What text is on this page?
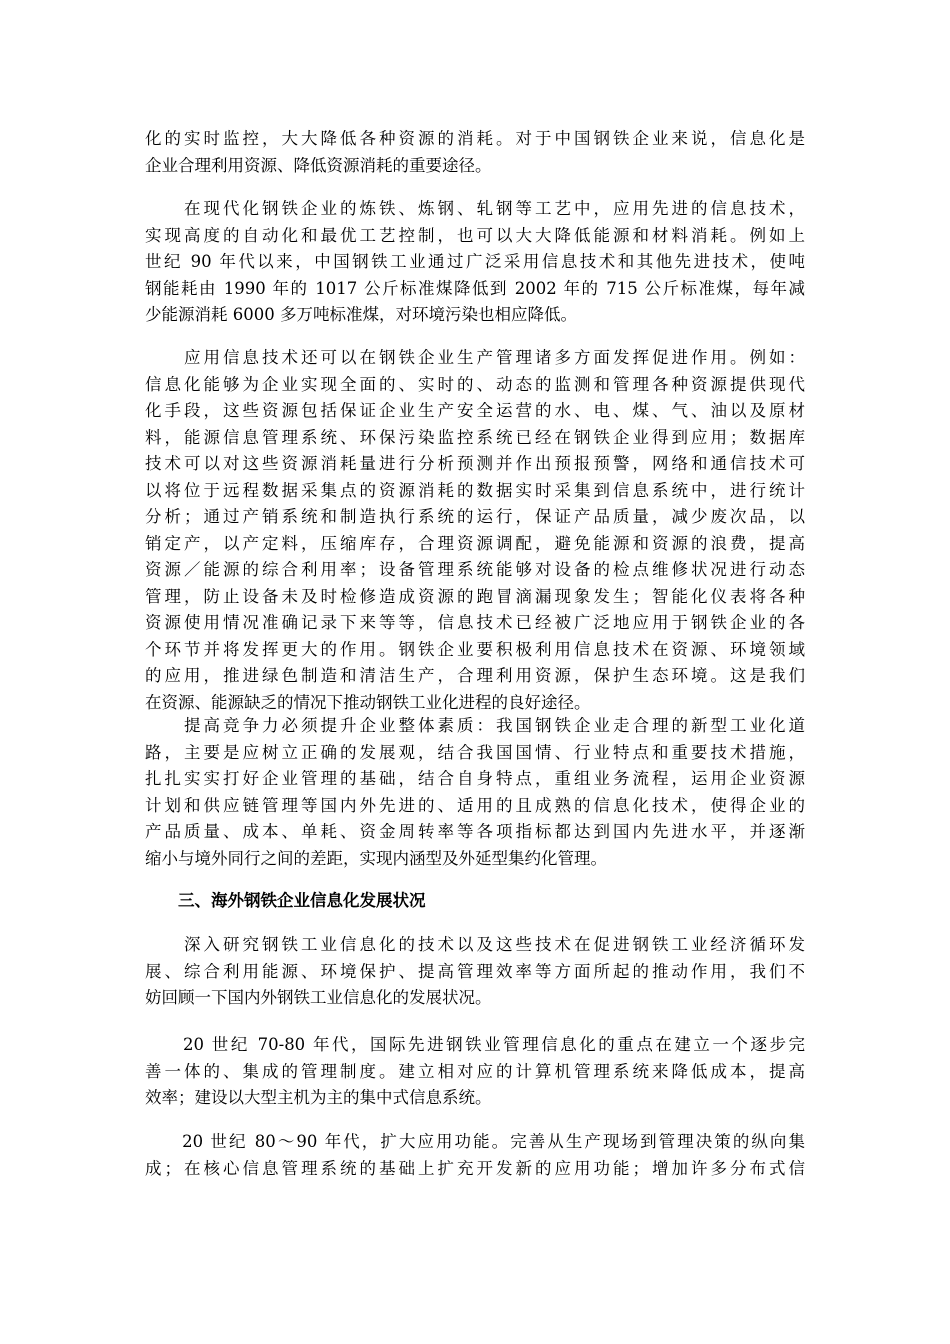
化的实时监控，大大降低各种资源的消耗。对于中国钢铁企业来说，信息化是
企业合理利用资源、降低资源消耗的重要途径。
　　在现代化钢铁企业的炼铁、炼钢、轧钢等工艺中，应用先进的信息技术，
实现高度的自动化和最优工艺控制，也可以大大降低能源和材料消耗。例如上
世纪 90 年代以来，中国钢铁工业通过广泛采用信息技术和其他先进技术，使吨
钢能耗由 1990 年的 1017 公斤标准煤降低到 2002 年的 715 公斤标准煤，每年减
少能源消耗 6000 多万吨标准煤，对环境污染也相应降低。
　　应用信息技术还可以在钢铁企业生产管理诸多方面发挥促进作用。例如：
信息化能够为企业实现全面的、实时的、动态的监测和管理各种资源提供现代
化手段，这些资源包括保证企业生产安全运营的水、电、煤、气、油以及原材
料，能源信息管理系统、环保污染监控系统已经在钢铁企业得到应用；数据库
技术可以对这些资源消耗量进行分析预测并作出预报预警，网络和通信技术可
以将位于远程数据采集点的资源消耗的数据实时采集到信息系统中，进行统计
分析；通过产销系统和制造执行系统的运行，保证产品质量，减少废次品，以
销定产，以产定料，压缩库存，合理资源调配，避免能源和资源的浪费，提高
资源／能源的综合利用率；设备管理系统能够对设备的检点维修状况进行动态
管理，防止设备未及时检修造成资源的跑冒滴漏现象发生；智能化仪表将各种
资源使用情况准确记录下来等等，信息技术已经被广泛地应用于钢铁企业的各
个环节并将发挥更大的作用。钢铁企业要积极利用信息技术在资源、环境领域
的应用，推进绿色制造和清洁生产，合理利用资源，保护生态环境。这是我们
在资源、能源缺乏的情况下推动钢铁工业化进程的良好途径。
　　提高竞争力必须提升企业整体素质：我国钢铁企业走合理的新型工业化道
路，主要是应树立正确的发展观，结合我国国情、行业特点和重要技术措施，
扎扎实实打好企业管理的基础，结合自身特点，重组业务流程，运用企业资源
计划和供应链管理等国内外先进的、适用的且成熟的信息化技术，使得企业的
产品质量、成本、单耗、资金周转率等各项指标都达到国内先进水平，并逐渐
缩小与境外同行之间的差距，实现内涵型及外延型集约化管理。
　　三、海外钢铁企业信息化发展状况
　　深入研究钢铁工业信息化的技术以及这些技术在促进钢铁工业经济循环发
展、综合利用能源、环境保护、提高管理效率等方面所起的推动作用，我们不
妨回顾一下国内外钢铁工业信息化的发展状况。
　　20 世纪 70-80 年代，国际先进钢铁业管理信息化的重点在建立一个逐步完
善一体的、集成的管理制度。建立相对应的计算机管理系统来降低成本，提高
效率；建设以大型主机为主的集中式信息系统。
　　20 世纪 80～90 年代，扩大应用功能。完善从生产现场到管理决策的纵向集
成；在核心信息管理系统的基础上扩充开发新的应用功能；增加许多分布式信
